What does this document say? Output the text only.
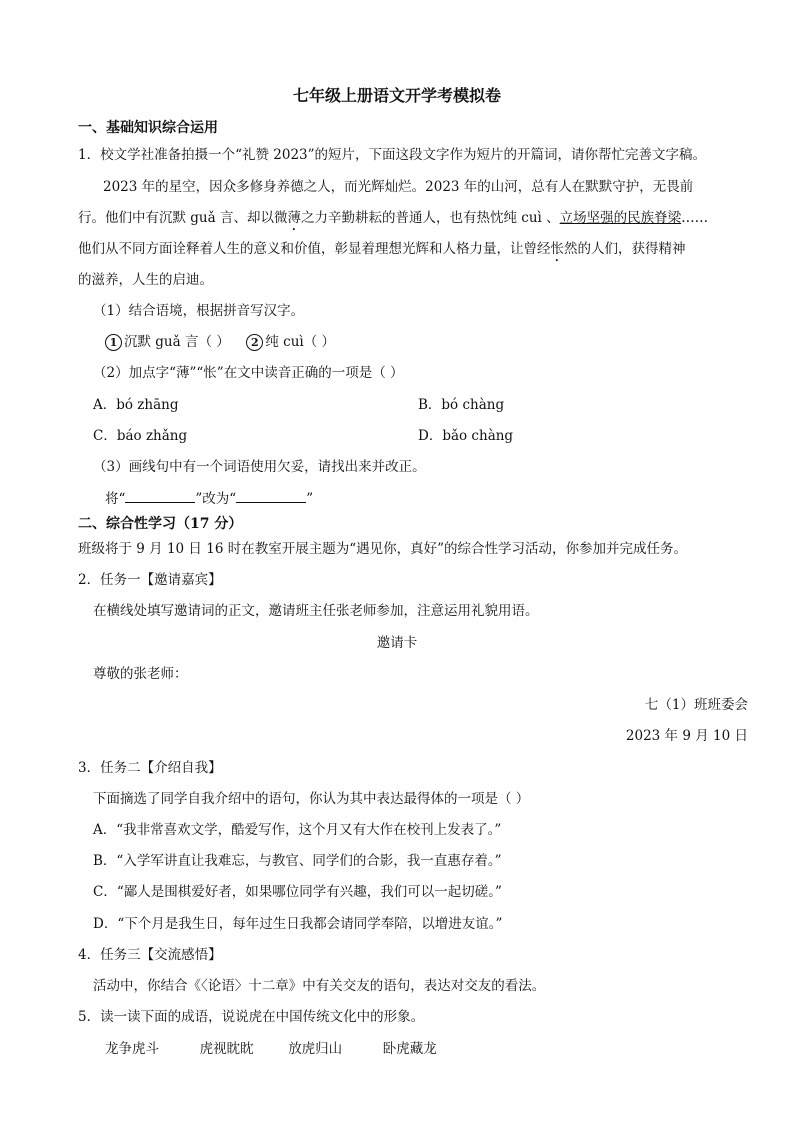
七年级上册语文开学考模拟卷
一、基础知识综合运用
1．校文学社准备拍摄一个“礼赞 2023”的短片，下面这段文字作为短片的开篇词，请你帮忙完善文字稿。
2023 年的星空，因众多修身养德之人，而光辉灿烂。2023 年的山河，总有人在默默守护，无畏前
行。他们中有沉默 guǎ 言、却以微薄之力辛勤耕耘的普通人，也有热忱纯 cuì 、立场坚强的民族脊梁……
他们从不同方面诠释着人生的意义和价值，彰显着理想光辉和人格力量，让曾经怅然的人们，获得精神
的滋养，人生的启迪。
（1）结合语境，根据拼音写汉字。
1 沉默 guǎ 言（ ） 2 纯 cuì（ ）
（2）加点字“薄”“怅”在文中读音正确的一项是（ ）
A．bó zhāng	B．bó chàng
C．báo zhǎng	D．bǎo chàng
（3）画线句中有一个词语使用欠妥，请找出来并改正。
将“	”改为“	”
二、综合性学习（17 分）
班级将于 9 月 10 日 16 时在教室开展主题为“遇见你，真好”的综合性学习活动，你参加并完成任务。
2．任务一【邀请嘉宾】
在横线处填写邀请词的正文，邀请班主任张老师参加，注意运用礼貌用语。
邀请卡
尊敬的张老师：
七（1）班班委会
2023 年 9 月 10 日
3．任务二【介绍自我】
下面摘选了同学自我介绍中的语句，你认为其中表达最得体的一项是（ ）
A．“我非常喜欢文学，酷爱写作，这个月又有大作在校刊上发表了。”
B．“入学军讲直让我难忘，与教官、同学们的合影，我一直惠存着。”
C．“鄙人是围棋爱好者，如果哪位同学有兴趣，我们可以一起切磋。”
D．“下个月是我生日，每年过生日我都会请同学奉陪，以增进友谊。”
4．任务三【交流感悟】
活动中，你结合《〈论语〉十二章》中有关交友的语句，表达对交友的看法。
5．读一读下面的成语，说说虎在中国传统文化中的形象。
龙争虎斗	虎视眈眈	放虎归山	卧虎藏龙
